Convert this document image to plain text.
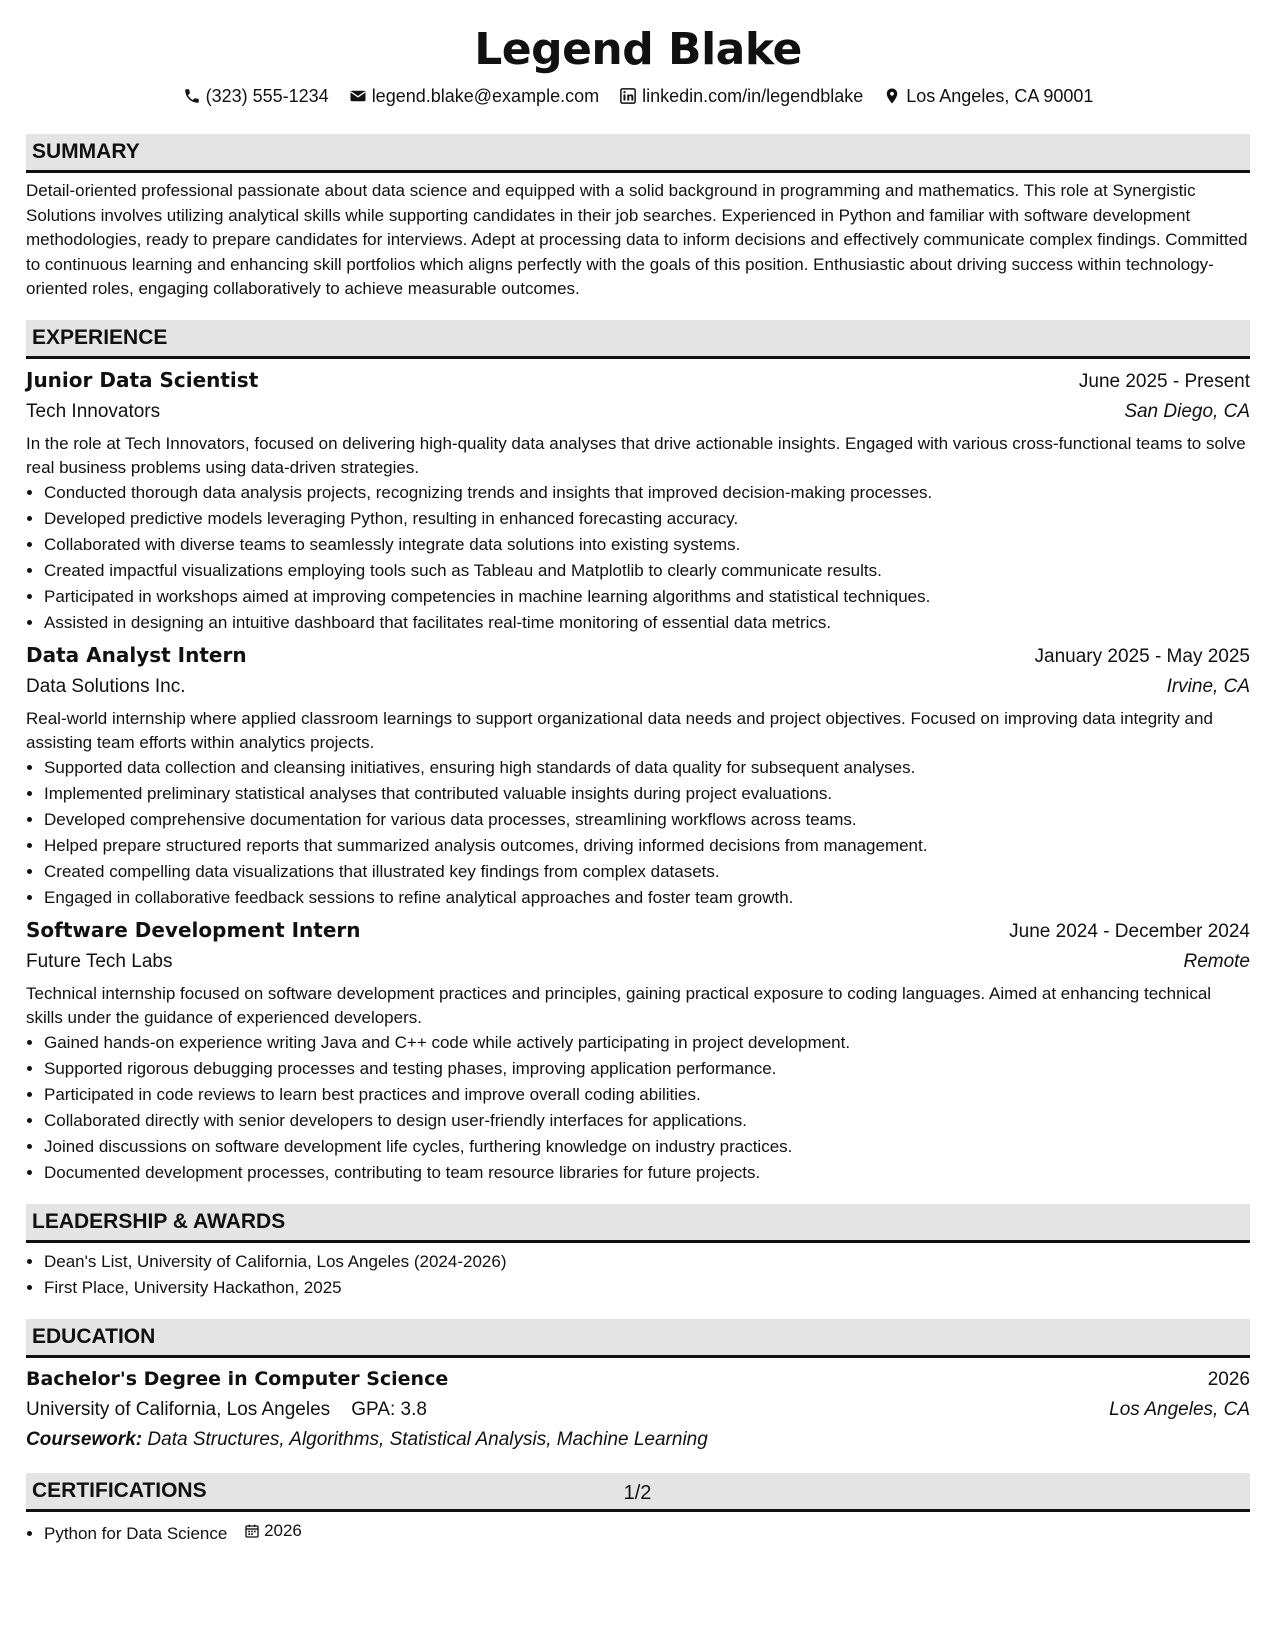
Legend Blake
(323) 555-1234 legend.blake@example.com linkedin.com/in/legendblake Los Angeles, CA 90001
SUMMARY

Detail-oriented professional passionate about data science and equipped with a solid background in programming and mathematics. This role at Synergistic Solutions involves utilizing analytical skills while supporting candidates in their job searches. Experienced in Python and familiar with software development methodologies, ready to prepare candidates for interviews. Adept at processing data to inform decisions and effectively communicate complex findings. Committed to continuous learning and enhancing skill portfolios which aligns perfectly with the goals of this position. Enthusiastic about driving success within technology-oriented roles, engaging collaboratively to achieve measurable outcomes.

EXPERIENCE
Junior Data Scientist	June 2025 - Present
Tech Innovators	San Diego, CA
In the role at Tech Innovators, focused on delivering high-quality data analyses that drive actionable insights. Engaged with various cross-functional teams to solve real business problems using data-driven strategies.
• Conducted thorough data analysis projects, recognizing trends and insights that improved decision-making processes.
• Developed predictive models leveraging Python, resulting in enhanced forecasting accuracy.
• Collaborated with diverse teams to seamlessly integrate data solutions into existing systems.
• Created impactful visualizations employing tools such as Tableau and Matplotlib to clearly communicate results.
• Participated in workshops aimed at improving competencies in machine learning algorithms and statistical techniques.
• Assisted in designing an intuitive dashboard that facilitates real-time monitoring of essential data metrics.
Data Analyst Intern	January 2025 - May 2025
Data Solutions Inc.	Irvine, CA
Real-world internship where applied classroom learnings to support organizational data needs and project objectives. Focused on improving data integrity and assisting team efforts within analytics projects.
• Supported data collection and cleansing initiatives, ensuring high standards of data quality for subsequent analyses.
• Implemented preliminary statistical analyses that contributed valuable insights during project evaluations.
• Developed comprehensive documentation for various data processes, streamlining workflows across teams.
• Helped prepare structured reports that summarized analysis outcomes, driving informed decisions from management.
• Created compelling data visualizations that illustrated key findings from complex datasets.
• Engaged in collaborative feedback sessions to refine analytical approaches and foster team growth.
Software Development Intern	June 2024 - December 2024
Future Tech Labs	Remote
Technical internship focused on software development practices and principles, gaining practical exposure to coding languages. Aimed at enhancing technical skills under the guidance of experienced developers.
• Gained hands-on experience writing Java and C++ code while actively participating in project development.
• Supported rigorous debugging processes and testing phases, improving application performance.
• Participated in code reviews to learn best practices and improve overall coding abilities.
• Collaborated directly with senior developers to design user-friendly interfaces for applications.
• Joined discussions on software development life cycles, furthering knowledge on industry practices.
• Documented development processes, contributing to team resource libraries for future projects.
LEADERSHIP & AWARDS
• Dean's List, University of California, Los Angeles (2024-2026)
• First Place, University Hackathon, 2025
EDUCATION
Bachelor's Degree in Computer Science	2026
University of California, Los Angeles GPA: 3.8	Los Angeles, CA
Coursework: Data Structures, Algorithms, Statistical Analysis, Machine Learning
CERTIFICATIONS
• Python for Data Science 2026
1/2
